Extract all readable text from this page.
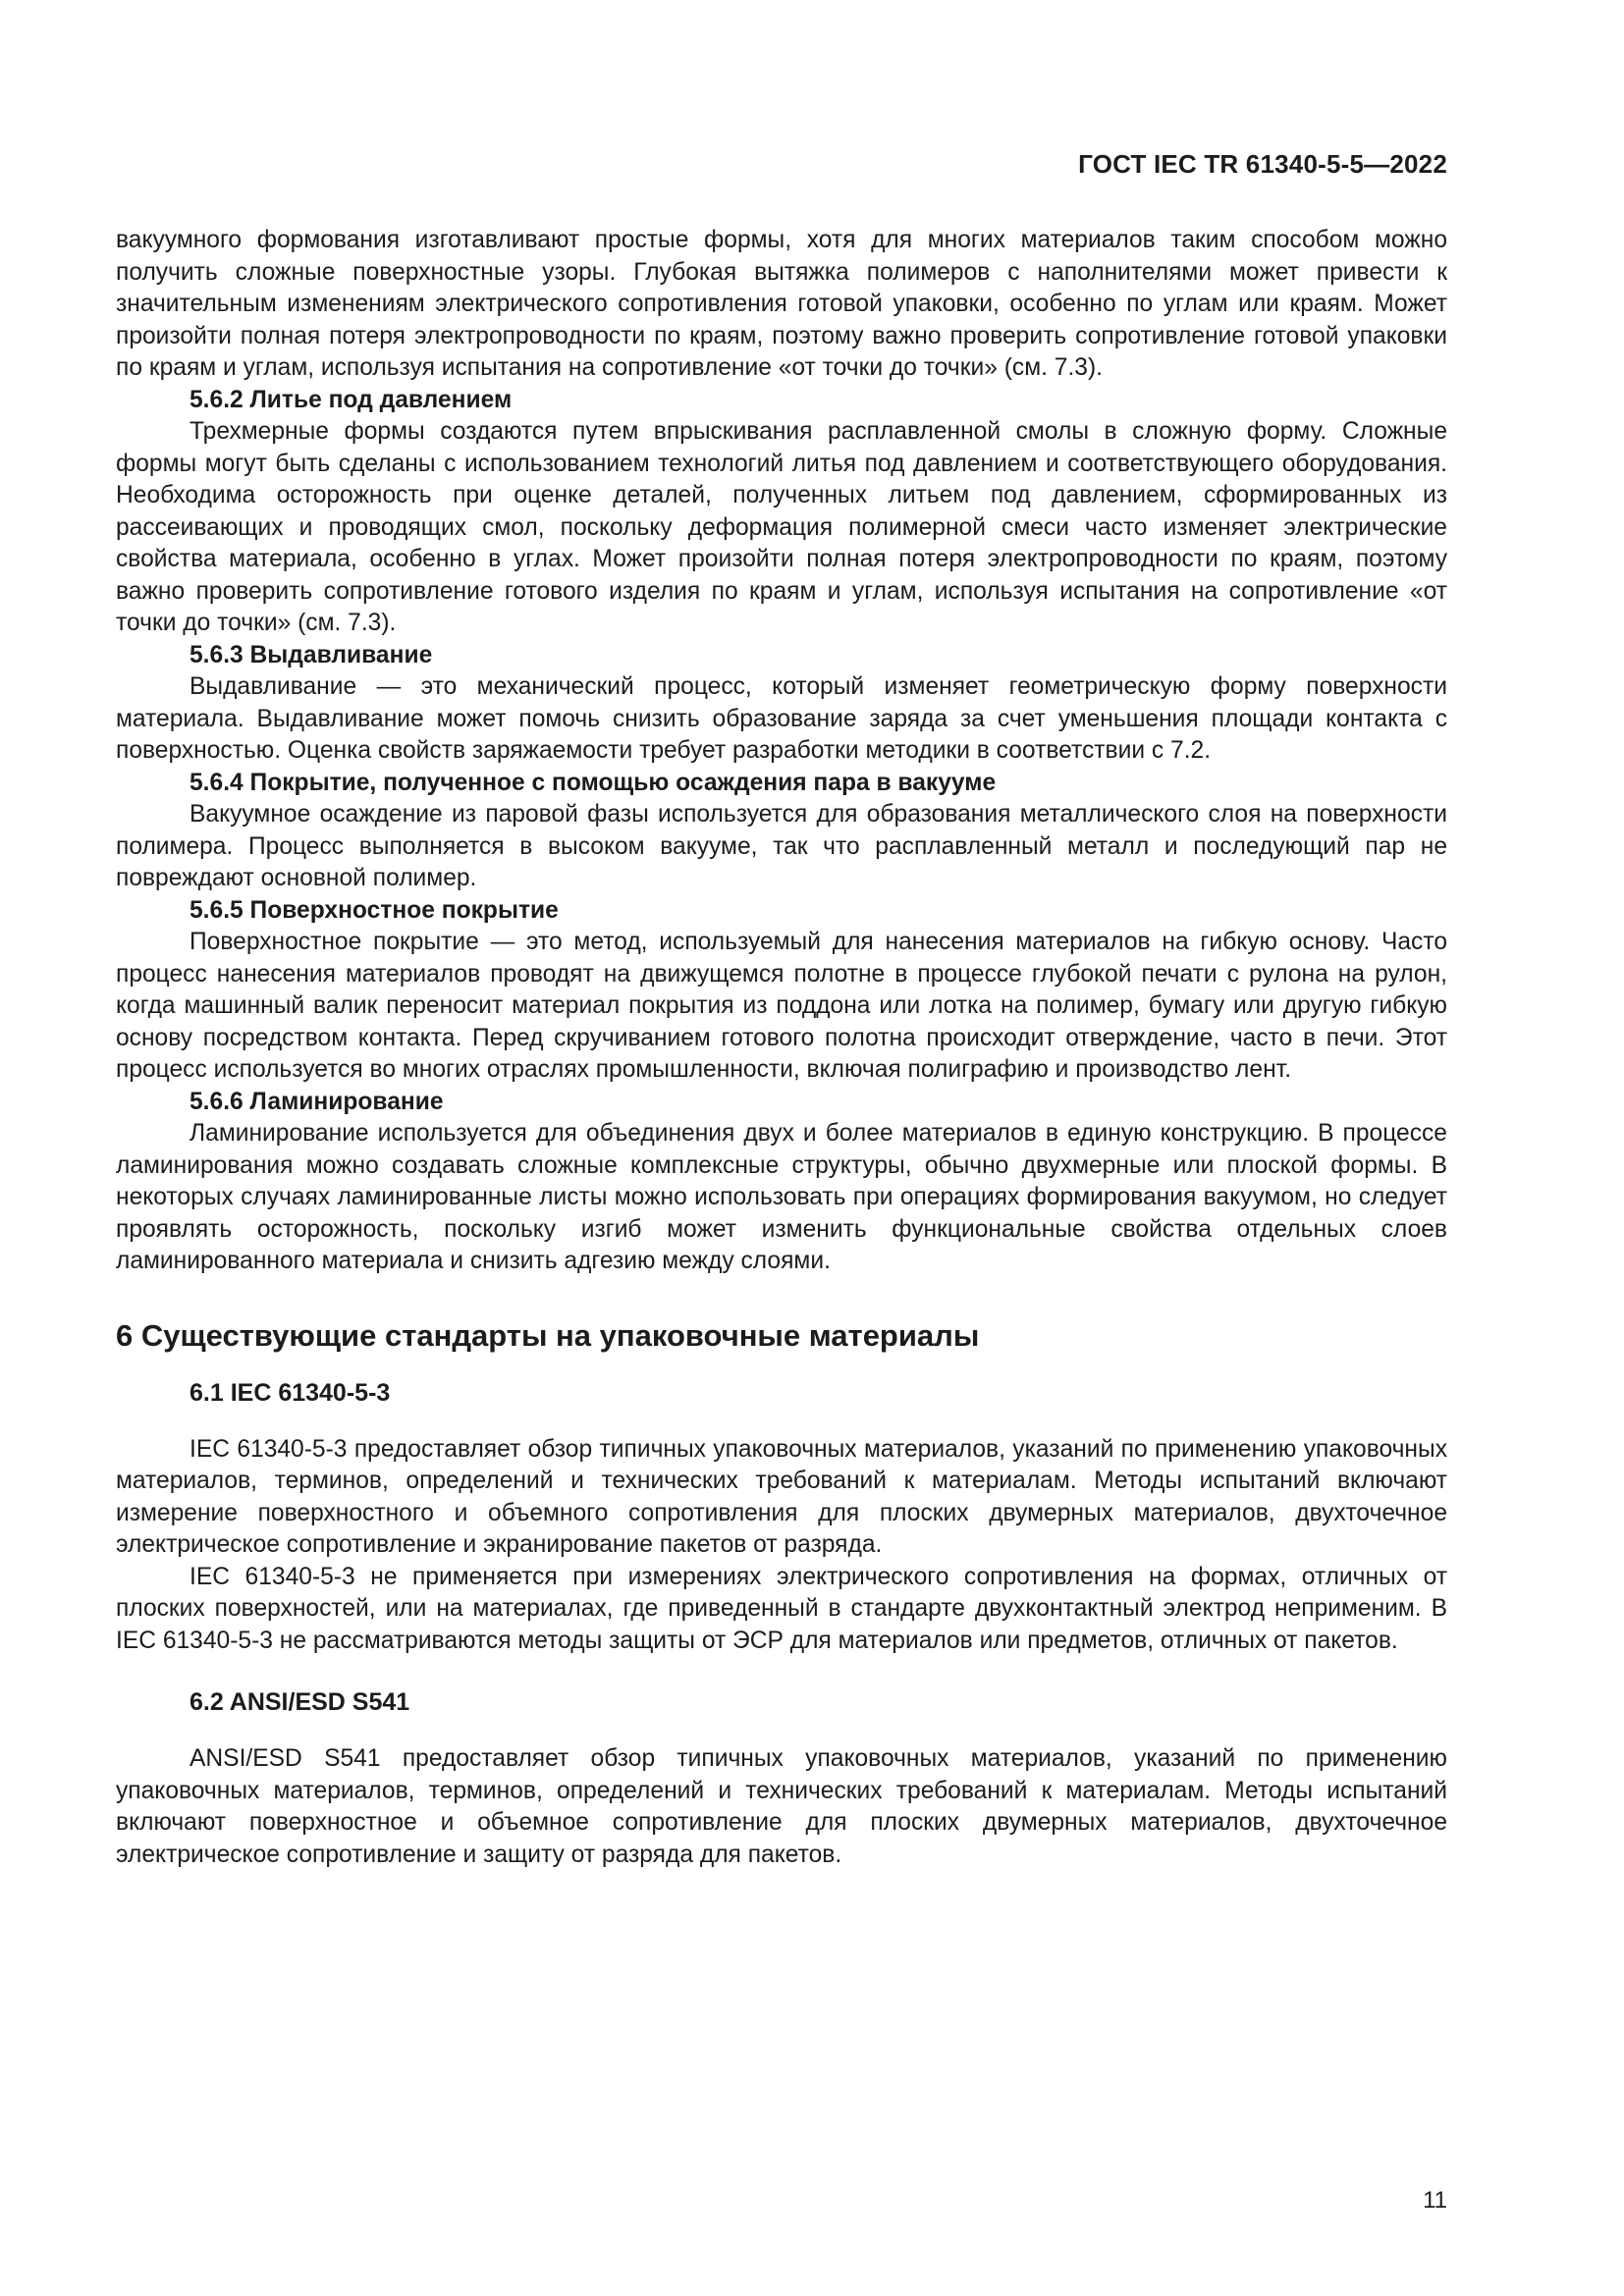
ГОСТ IEC TR 61340-5-5—2022

вакуумного формования изготавливают простые формы, хотя для многих материалов таким способом можно получить сложные поверхностные узоры. Глубокая вытяжка полимеров с наполнителями может привести к значительным изменениям электрического сопротивления готовой упаковки, особенно по углам или краям. Может произойти полная потеря электропроводности по краям, поэтому важно проверить сопротивление готовой упаковки по краям и углам, используя испытания на сопротивление «от точки до точки» (см. 7.3).

5.6.2 Литье под давлением

Трехмерные формы создаются путем впрыскивания расплавленной смолы в сложную форму. Сложные формы могут быть сделаны с использованием технологий литья под давлением и соответствующего оборудования. Необходима осторожность при оценке деталей, полученных литьем под давлением, сформированных из рассеивающих и проводящих смол, поскольку деформация полимерной смеси часто изменяет электрические свойства материала, особенно в углах. Может произойти полная потеря электропроводности по краям, поэтому важно проверить сопротивление готового изделия по краям и углам, используя испытания на сопротивление «от точки до точки» (см. 7.3).

5.6.3 Выдавливание

Выдавливание — это механический процесс, который изменяет геометрическую форму поверхности материала. Выдавливание может помочь снизить образование заряда за счет уменьшения площади контакта с поверхностью. Оценка свойств заряжаемости требует разработки методики в соответствии с 7.2.

5.6.4 Покрытие, полученное с помощью осаждения пара в вакууме

Вакуумное осаждение из паровой фазы используется для образования металлического слоя на поверхности полимера. Процесс выполняется в высоком вакууме, так что расплавленный металл и последующий пар не повреждают основной полимер.

5.6.5 Поверхностное покрытие

Поверхностное покрытие — это метод, используемый для нанесения материалов на гибкую основу. Часто процесс нанесения материалов проводят на движущемся полотне в процессе глубокой печати с рулона на рулон, когда машинный валик переносит материал покрытия из поддона или лотка на полимер, бумагу или другую гибкую основу посредством контакта. Перед скручиванием готового полотна происходит отверждение, часто в печи. Этот процесс используется во многих отраслях промышленности, включая полиграфию и производство лент.

5.6.6 Ламинирование

Ламинирование используется для объединения двух и более материалов в единую конструкцию. В процессе ламинирования можно создавать сложные комплексные структуры, обычно двухмерные или плоской формы. В некоторых случаях ламинированные листы можно использовать при операциях формирования вакуумом, но следует проявлять осторожность, поскольку изгиб может изменить функциональные свойства отдельных слоев ламинированного материала и снизить адгезию между слоями.

6 Существующие стандарты на упаковочные материалы
6.1 IEC 61340-5-3

IEC 61340-5-3 предоставляет обзор типичных упаковочных материалов, указаний по применению упаковочных материалов, терминов, определений и технических требований к материалам. Методы испытаний включают измерение поверхностного и объемного сопротивления для плоских двумерных материалов, двухточечное электрическое сопротивление и экранирование пакетов от разряда.

IEC 61340-5-3 не применяется при измерениях электрического сопротивления на формах, отличных от плоских поверхностей, или на материалах, где приведенный в стандарте двухконтактный электрод неприменим. В IEC 61340-5-3 не рассматриваются методы защиты от ЭСР для материалов или предметов, отличных от пакетов.

6.2 ANSI/ESD S541

ANSI/ESD S541 предоставляет обзор типичных упаковочных материалов, указаний по применению упаковочных материалов, терминов, определений и технических требований к материалам. Методы испытаний включают поверхностное и объемное сопротивление для плоских двумерных материалов, двухточечное электрическое сопротивление и защиту от разряда для пакетов.

11
